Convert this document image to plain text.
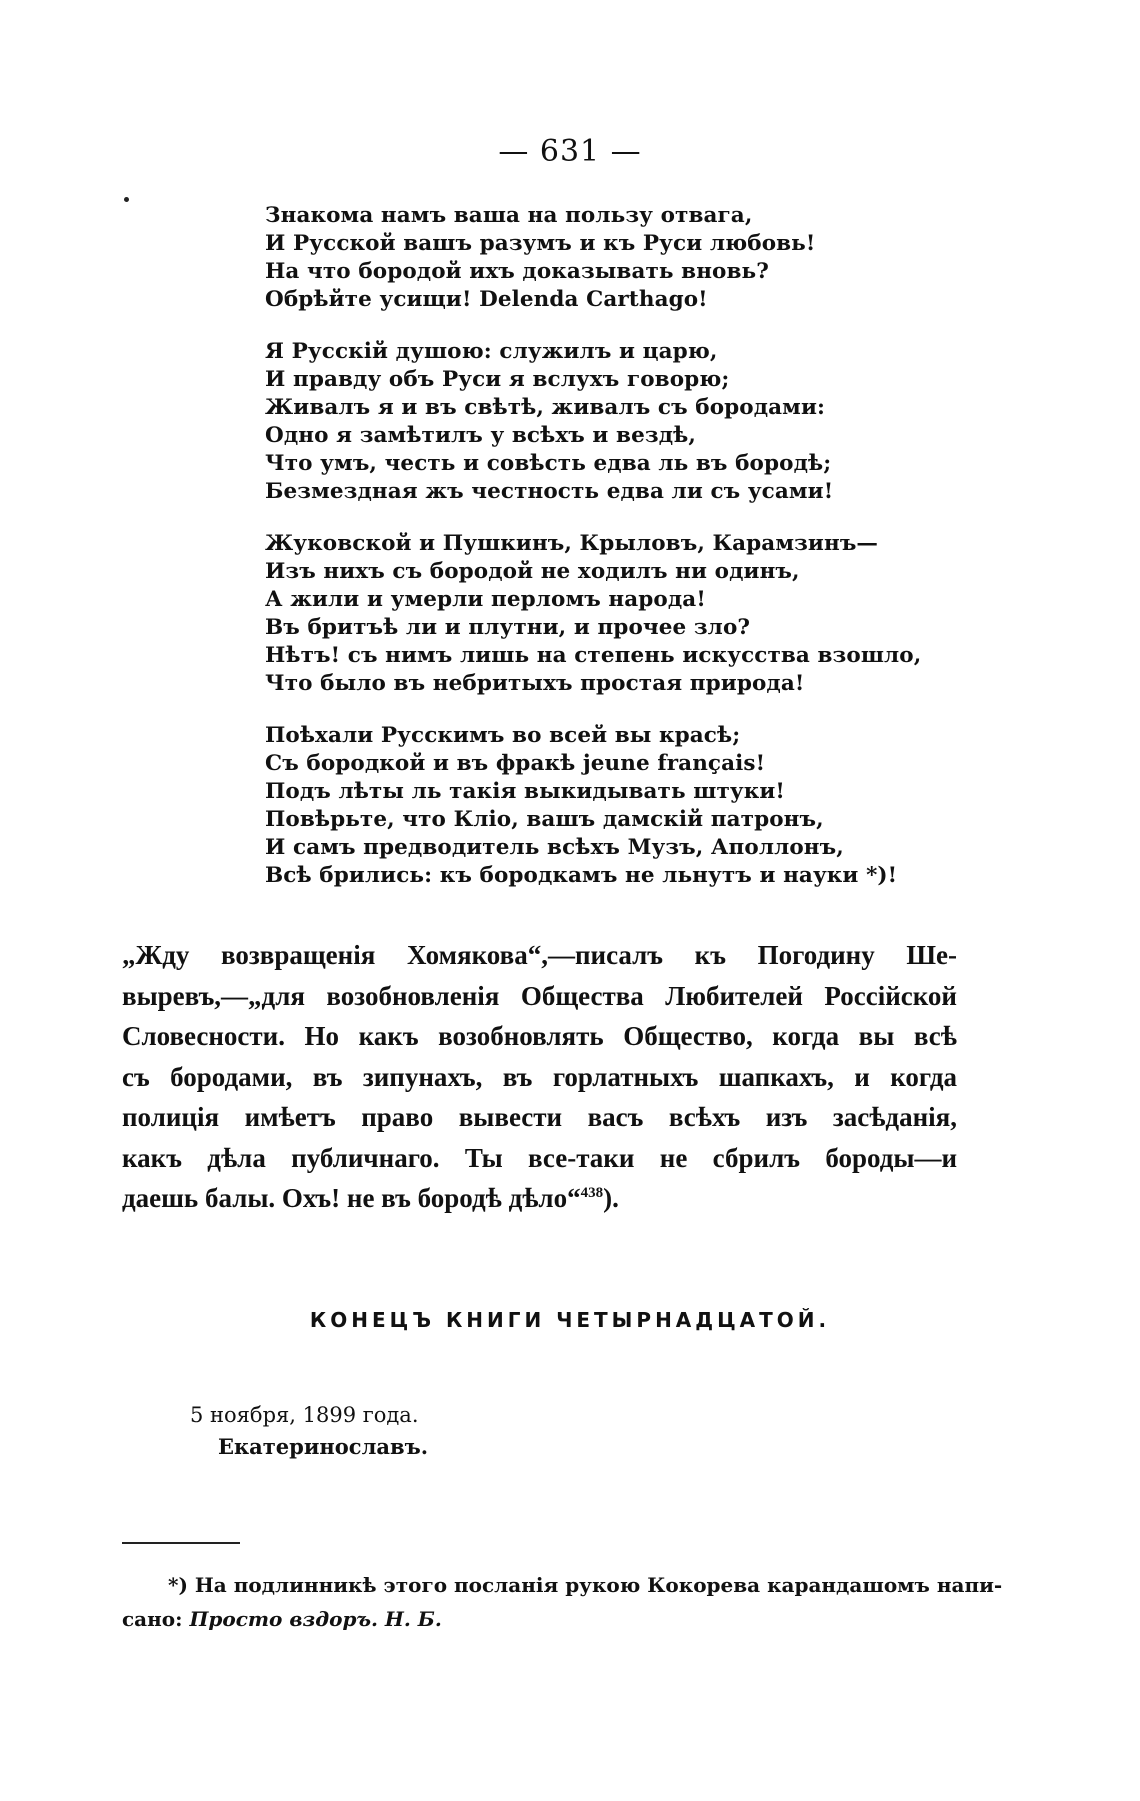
— 631 —
Знакома намъ ваша на пользу отвага,
И Русской вашъ разумъ и къ Руси любовь!
На что бородой ихъ доказывать вновь?
Обрѣйте усищи! Delenda Carthago!
Я Русскій душою: служилъ и царю,
И правду объ Руси я вслухъ говорю;
Живалъ я и въ свѣтѣ, живалъ съ бородами:
Одно я замѣтилъ у всѣхъ и вездѣ,
Что умъ, честь и совѣсть едва ль въ бородѣ;
Безмездная жъ честность едва ли съ усами!
Жуковской и Пушкинъ, Крыловъ, Карамзинъ—
Изъ нихъ съ бородой не ходилъ ни одинъ,
А жили и умерли перломъ народа!
Въ бритъѣ ли и плутни, и прочее зло?
Нѣтъ! съ нимъ лишь на степень искусства взошло,
Что было въ небритыхъ простая природа!
Поѣхали Русскимъ во всей вы красѣ;
Съ бородкой и въ фракѣ jeune français!
Подъ лѣты ль такія выкидывать штуки!
Повѣрьте, что Кліо, вашъ дамскій патронъ,
И самъ предводитель всѣхъ Музъ, Аполлонъ,
Всѣ брились: къ бородкамъ не льнутъ и науки *)!
„Жду возвращенія Хомякова“,—писалъ къ Погодину Ше-
выревъ,—„для возобновленія Общества Любителей Россійской
Словесности. Но какъ возобновлять Общество, когда вы всѣ
съ бородами, въ зипунахъ, въ горлатныхъ шапкахъ, и когда
полиція имѣетъ право вывести васъ всѣхъ изъ засѣданія,
какъ дѣла публичнаго. Ты все-таки не сбрилъ бороды—и
даешь балы. Охъ! не въ бородѣ дѣло“$^{438}$).
КОНЕЦЪ КНИГИ ЧЕТЫРНАДЦАТОЙ.
5 ноября, 1899 года.
Екатеринославъ.
*) На подлинникѣ этого посланія рукою Кокорева карандашомъ напи-
сано: Просто вздоръ. Н. Б.
